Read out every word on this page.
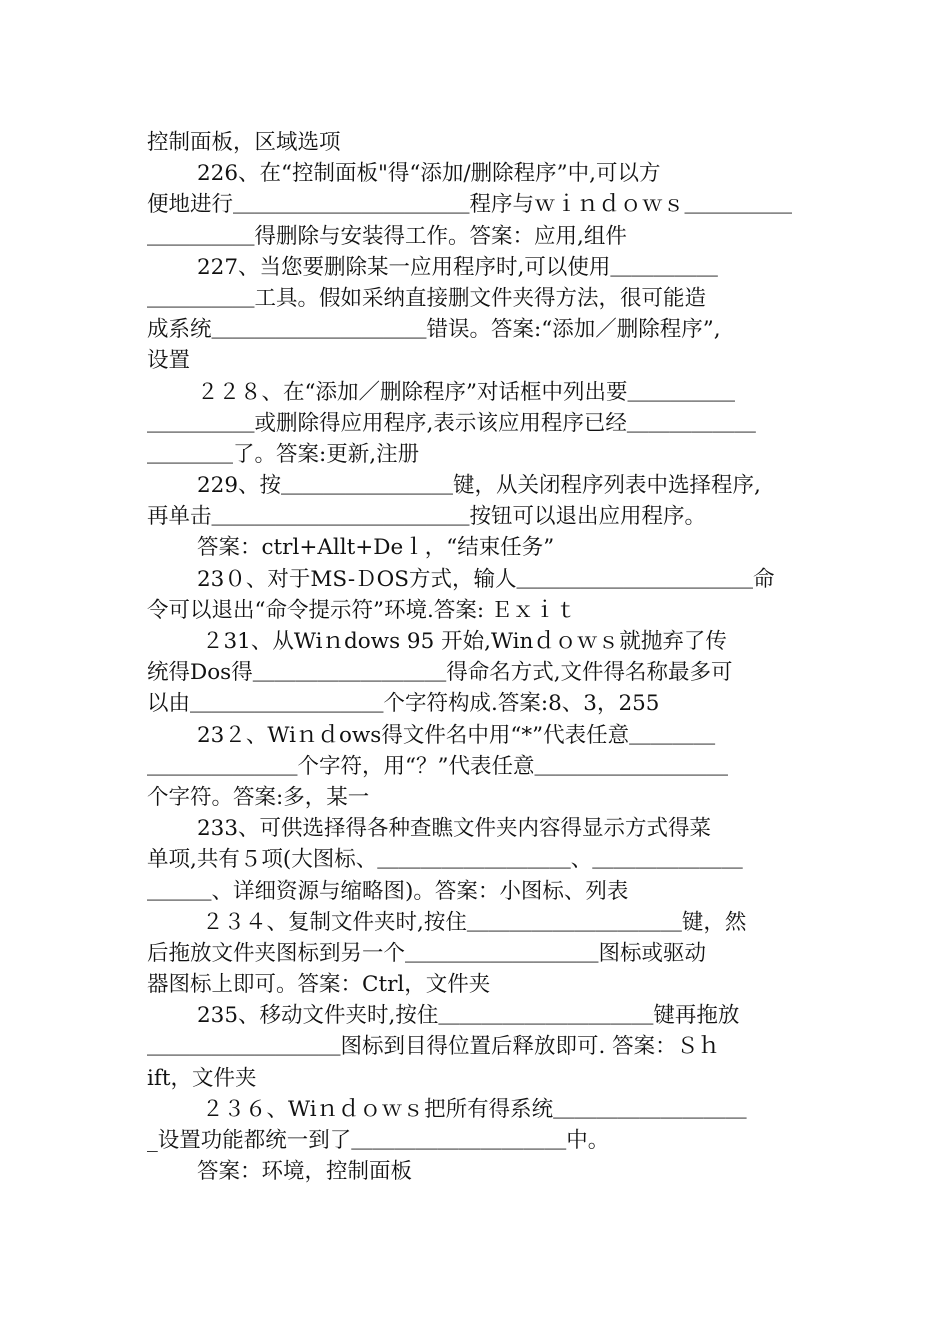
控制面板，区域选项
226、在“控制面板"得“添加/删除程序”中,可以方
便地进行＿＿＿＿＿＿＿＿＿＿＿程序与ｗｉｎｄｏｗｓ＿＿＿＿＿
＿＿＿＿＿得删除与安装得工作。答案：应用,组件
227、当您要删除某一应用程序时,可以使用＿＿＿＿＿
＿＿＿＿＿工具。假如采纳直接删文件夹得方法，很可能造
成系统＿＿＿＿＿＿＿＿＿＿错误。答案:“添加／删除程序”,
设置
２２８、在“添加／删除程序”对话框中列出要＿＿＿＿＿
＿＿＿＿＿或删除得应用程序,表示该应用程序已经＿＿＿＿＿＿
＿＿＿＿了。答案:更新,注册
229、按＿＿＿＿＿＿＿＿键，从关闭程序列表中选择程序,
再单击＿＿＿＿＿＿＿＿＿＿＿＿按钮可以退出应用程序。
答案：ctrl+Allt+Deｌ，“结束任务”
23０、对于MS-ＤOS方式，输人＿＿＿＿＿＿＿＿＿＿＿命
令可以退出“命令提示符”环境.答案: Ｅｘｉｔ
２31、从Wiｎdows 95 开始,Winｄｏｗｓ就抛弃了传
统得Dos得＿＿＿＿＿＿＿＿＿得命名方式,文件得名称最多可
以由＿＿＿＿＿＿＿＿＿个字符构成.答案:8、3，255
23２、Wiｎｄows得文件名中用“*”代表任意＿＿＿＿
＿＿＿＿＿＿＿个字符，用“？”代表任意＿＿＿＿＿＿＿＿＿
个字符。答案:多，某一
233、可供选择得各种查瞧文件夹内容得显示方式得菜
单项,共有５项(大图标、＿＿＿＿＿＿＿＿＿、＿＿＿＿＿＿＿
＿＿＿、详细资源与缩略图)。答案：小图标、列表
２３４、复制文件夹时,按住＿＿＿＿＿＿＿＿＿＿键，然
后拖放文件夹图标到另一个＿＿＿＿＿＿＿＿＿图标或驱动
器图标上即可。答案：Ctrl，文件夹
235、移动文件夹时,按住＿＿＿＿＿＿＿＿＿＿键再拖放
＿＿＿＿＿＿＿＿＿图标到目得位置后释放即可. 答案：Ｓｈ
ift，文件夹
２３６、Wiｎｄｏｗｓ把所有得系统＿＿＿＿＿＿＿＿＿
_设置功能都统一到了＿＿＿＿＿＿＿＿＿＿中。
答案：环境，控制面板
